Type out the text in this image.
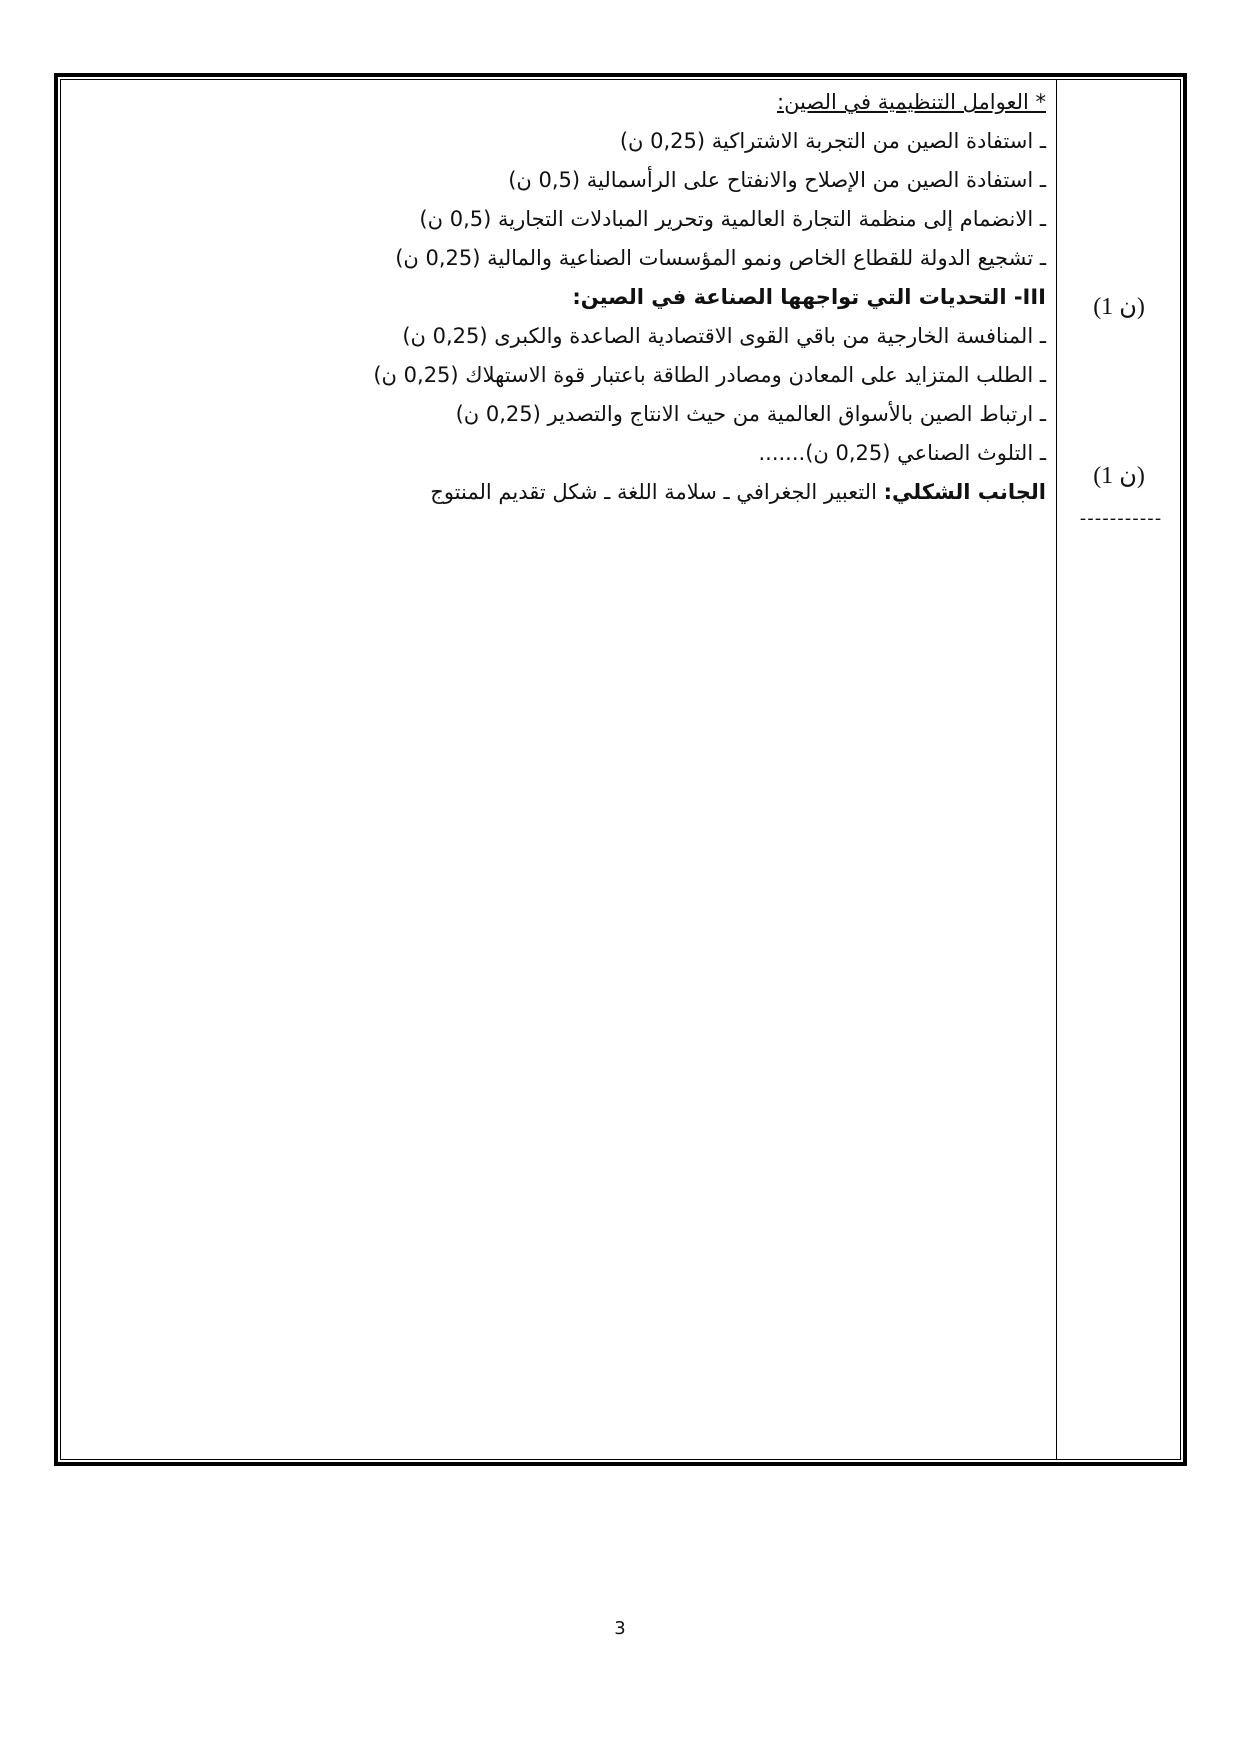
* العوامل التنظيمية في الصين:
ـ استفادة الصين من التجربة الاشتراكية (0,25 ن)
ـ استفادة الصين من الإصلاح والانفتاح على الرأسمالية (0,5 ن)
ـ الانضمام إلى منظمة التجارة العالمية وتحرير المبادلات التجارية (0,5 ن)
ـ تشجيع الدولة للقطاع الخاص ونمو المؤسسات الصناعية والمالية (0,25 ن)
III- التحديات التي تواجهها الصناعة في الصين:
ـ المنافسة الخارجية من باقي القوى الاقتصادية الصاعدة والكبرى (0,25 ن)
ـ الطلب المتزايد على المعادن ومصادر الطاقة باعتبار قوة الاستهلاك (0,25 ن)
ـ ارتباط الصين بالأسواق العالمية من حيث الانتاج والتصدير (0,25 ن)
ـ التلوث الصناعي (0,25 ن).......
الجانب الشكلي: التعبير الجغرافي ـ سلامة اللغة ـ شكل تقديم المنتوج
(1 ن)
(1 ن)
-----------
3
